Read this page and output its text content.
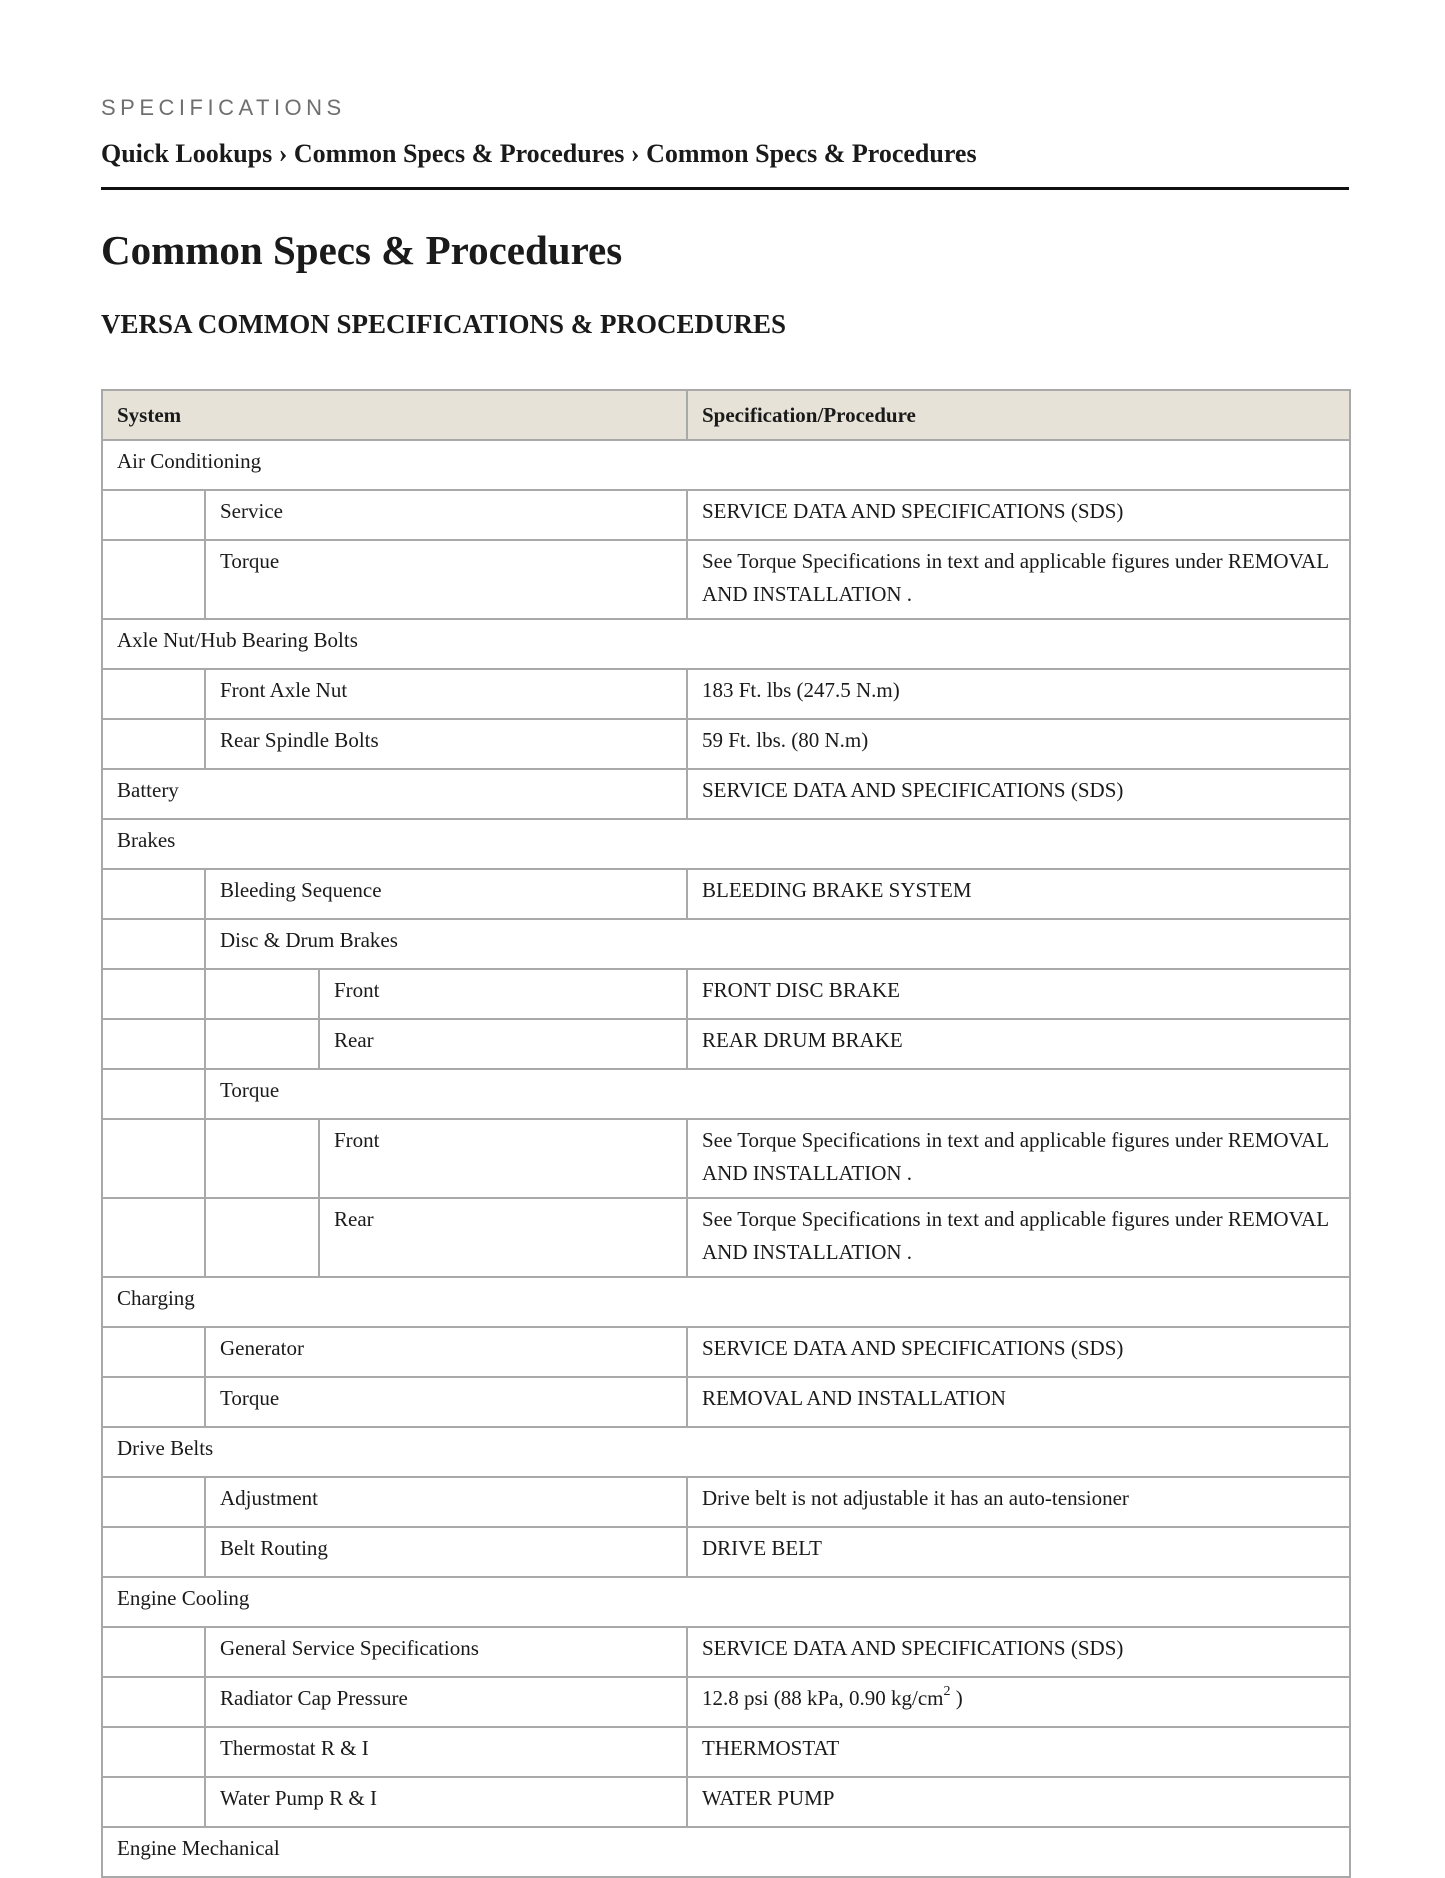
SPECIFICATIONS
Quick Lookups › Common Specs & Procedures › Common Specs & Procedures
Common Specs & Procedures
VERSA COMMON SPECIFICATIONS & PROCEDURES
System			Specification/Procedure
Air Conditioning			
	Service		SERVICE DATA AND SPECIFICATIONS (SDS)
	Torque		See Torque Specifications in text and applicable figures under REMOVAL AND INSTALLATION .
Axle Nut/Hub Bearing Bolts			
	Front Axle Nut		183 Ft. lbs (247.5 N.m)
	Rear Spindle Bolts		59 Ft. lbs. (80 N.m)
Battery			SERVICE DATA AND SPECIFICATIONS (SDS)
Brakes			
	Bleeding Sequence		BLEEDING BRAKE SYSTEM
	Disc & Drum Brakes		
		Front	FRONT DISC BRAKE
		Rear	REAR DRUM BRAKE
	Torque		
		Front	See Torque Specifications in text and applicable figures under REMOVAL AND INSTALLATION .
		Rear	See Torque Specifications in text and applicable figures under REMOVAL AND INSTALLATION .
Charging			
	Generator		SERVICE DATA AND SPECIFICATIONS (SDS)
	Torque		REMOVAL AND INSTALLATION
Drive Belts			
	Adjustment		Drive belt is not adjustable it has an auto-tensioner
	Belt Routing		DRIVE BELT
Engine Cooling			
	General Service Specifications		SERVICE DATA AND SPECIFICATIONS (SDS)
	Radiator Cap Pressure		12.8 psi (88 kPa, 0.90 $kg/cm^2$ )
	Thermostat R & I		THERMOSTAT
	Water Pump R & I		WATER PUMP
Engine Mechanical			
